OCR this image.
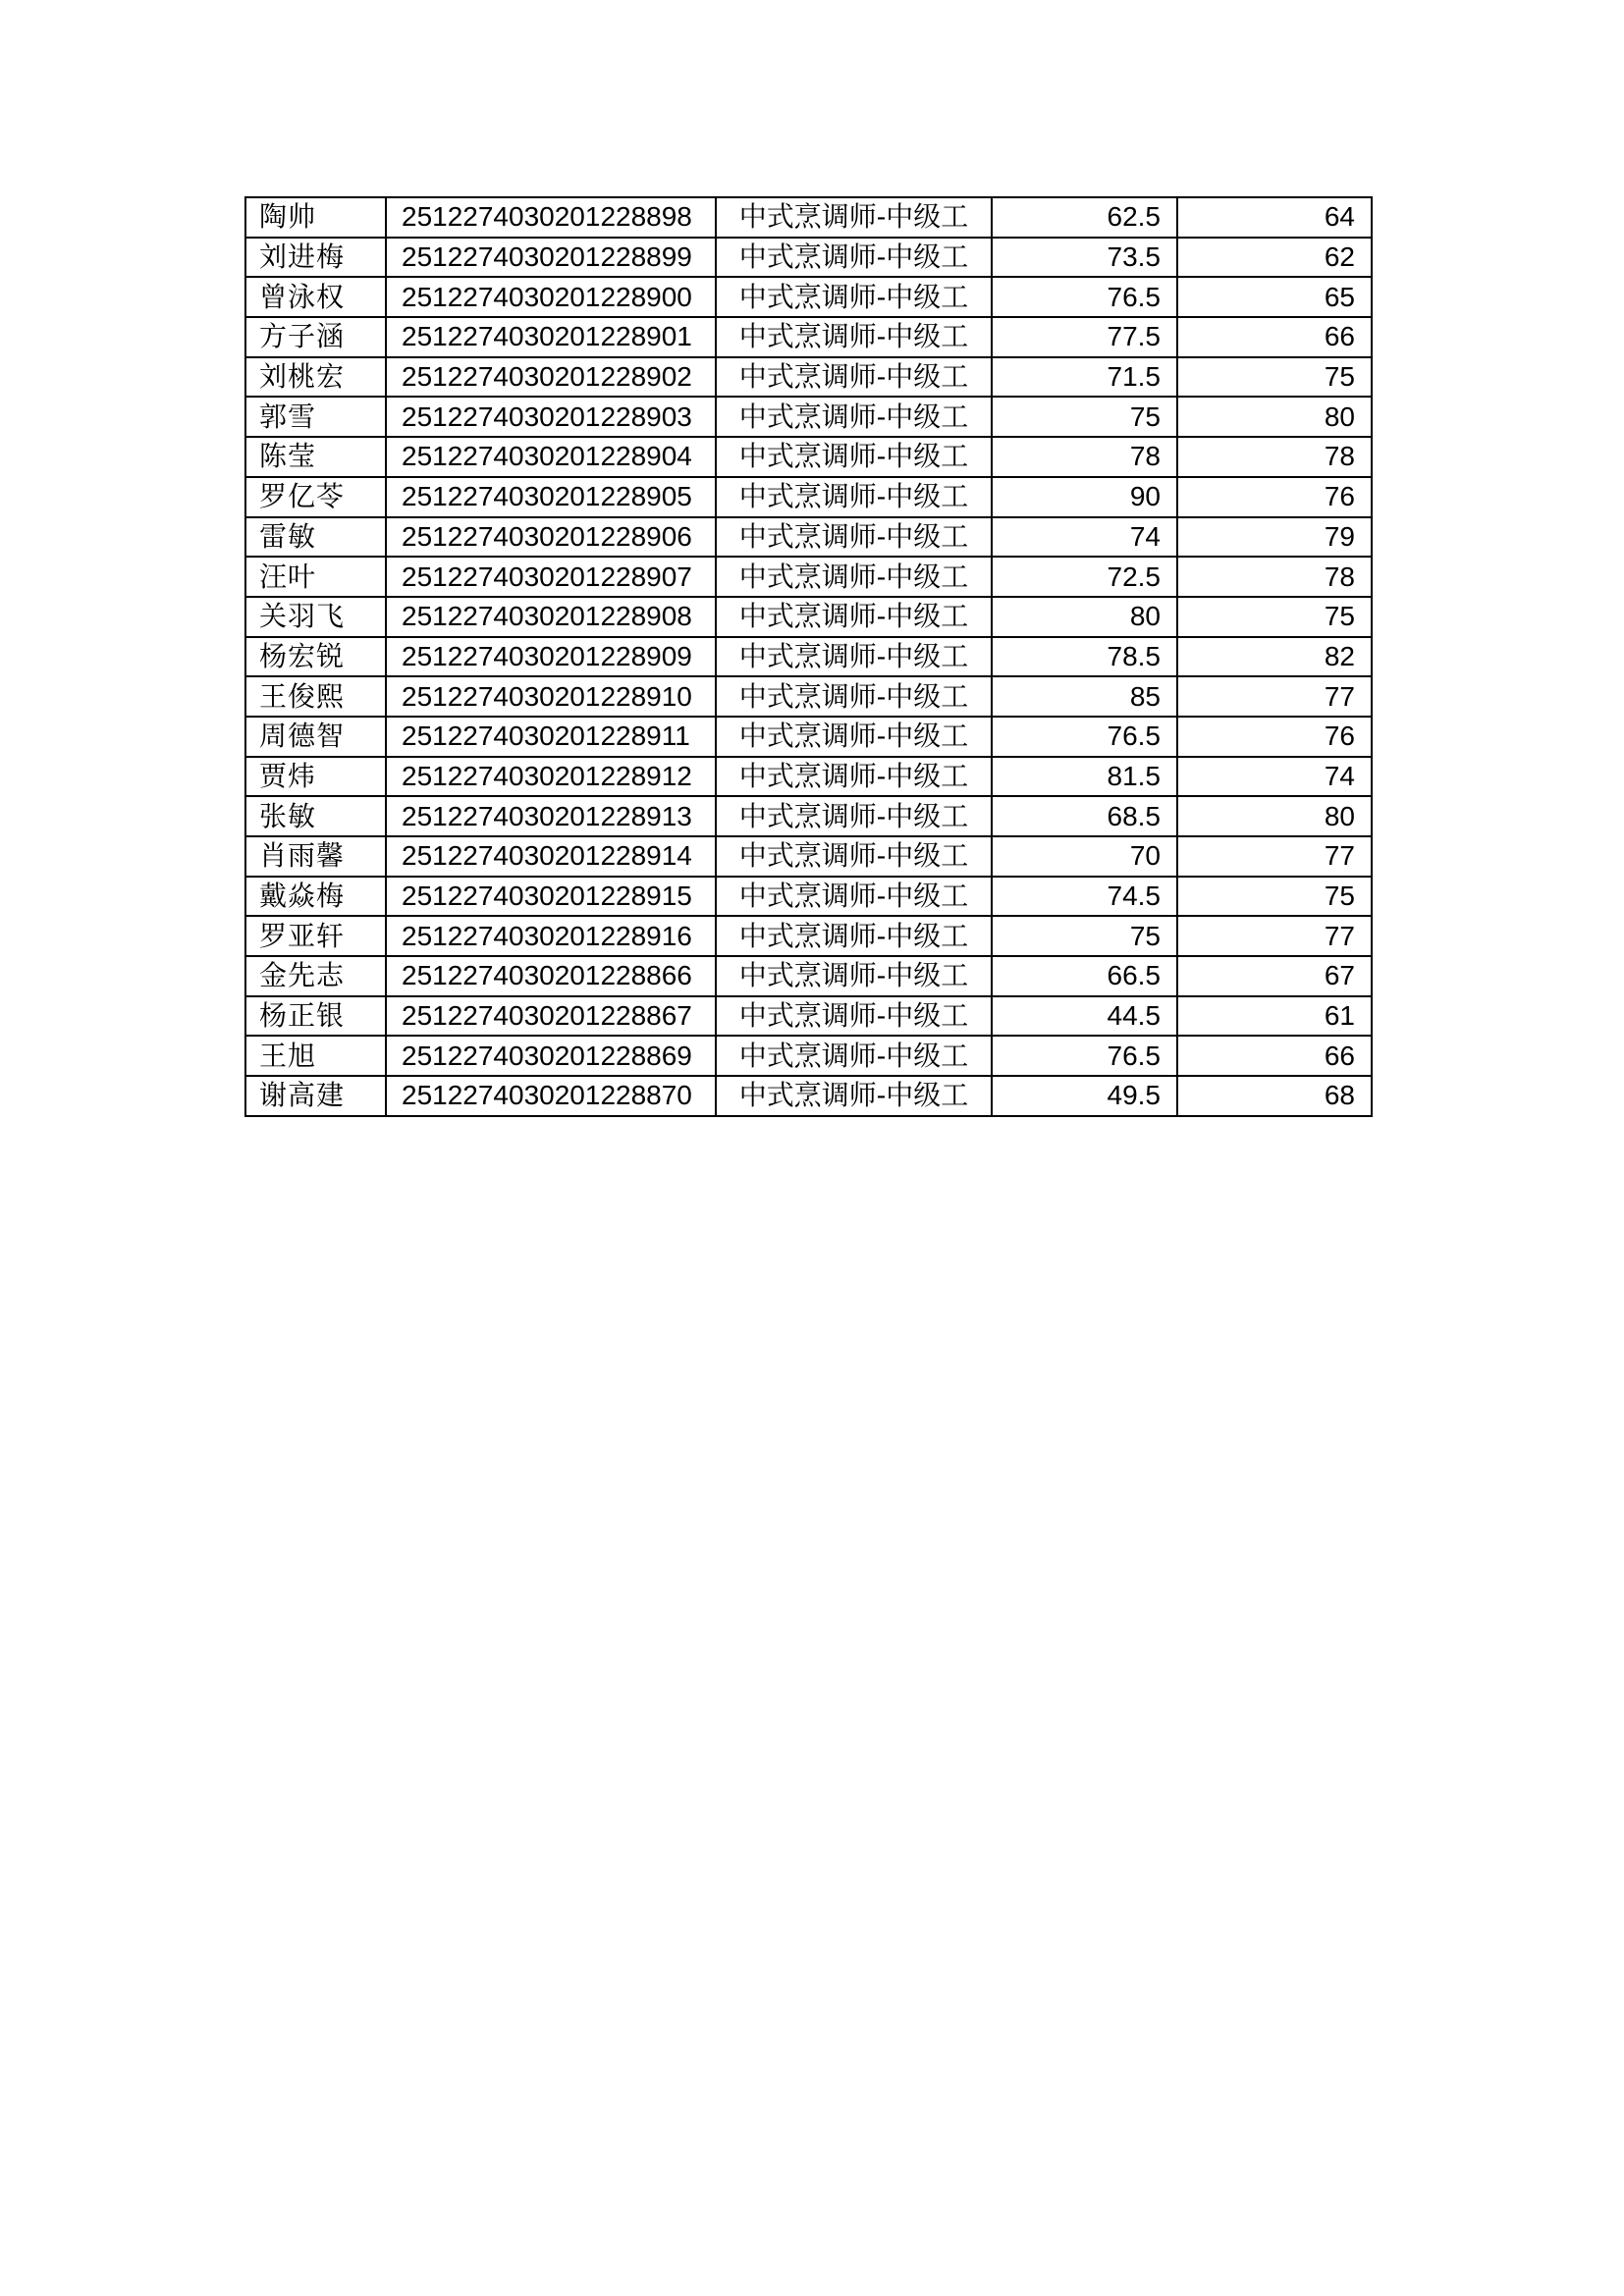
陶帅	2512274030201228898	中式烹调师-中级工	62.5	64
刘进梅	2512274030201228899	中式烹调师-中级工	73.5	62
曾泳权	2512274030201228900	中式烹调师-中级工	76.5	65
方子涵	2512274030201228901	中式烹调师-中级工	77.5	66
刘桃宏	2512274030201228902	中式烹调师-中级工	71.5	75
郭雪	2512274030201228903	中式烹调师-中级工	75	80
陈莹	2512274030201228904	中式烹调师-中级工	78	78
罗亿苓	2512274030201228905	中式烹调师-中级工	90	76
雷敏	2512274030201228906	中式烹调师-中级工	74	79
汪叶	2512274030201228907	中式烹调师-中级工	72.5	78
关羽飞	2512274030201228908	中式烹调师-中级工	80	75
杨宏锐	2512274030201228909	中式烹调师-中级工	78.5	82
王俊熙	2512274030201228910	中式烹调师-中级工	85	77
周德智	2512274030201228911	中式烹调师-中级工	76.5	76
贾炜	2512274030201228912	中式烹调师-中级工	81.5	74
张敏	2512274030201228913	中式烹调师-中级工	68.5	80
肖雨馨	2512274030201228914	中式烹调师-中级工	70	77
戴焱梅	2512274030201228915	中式烹调师-中级工	74.5	75
罗亚轩	2512274030201228916	中式烹调师-中级工	75	77
金先志	2512274030201228866	中式烹调师-中级工	66.5	67
杨正银	2512274030201228867	中式烹调师-中级工	44.5	61
王旭	2512274030201228869	中式烹调师-中级工	76.5	66
谢高建	2512274030201228870	中式烹调师-中级工	49.5	68
